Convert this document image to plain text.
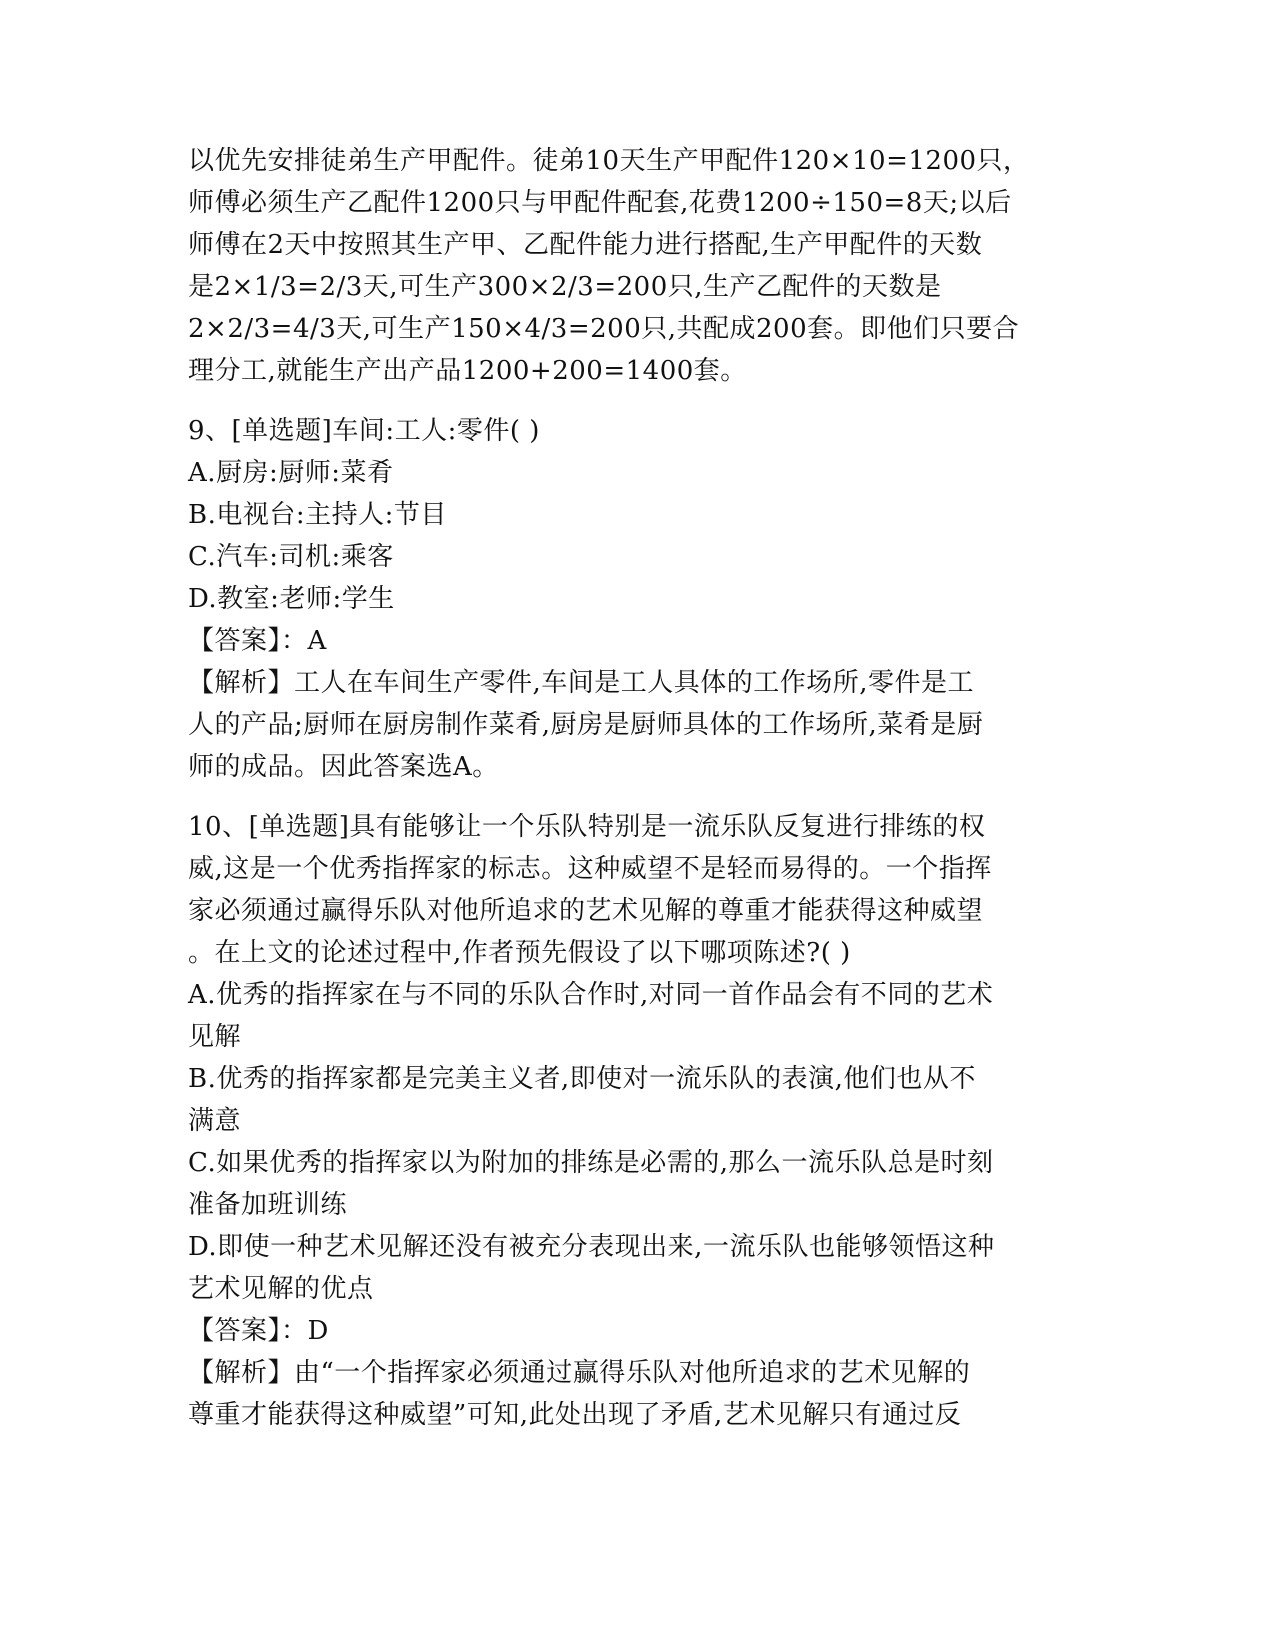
以优先安排徒弟生产甲配件。徒弟10天生产甲配件120×10=1200只，
师傅必须生产乙配件1200只与甲配件配套,花费1200÷150=8天;以后
师傅在2天中按照其生产甲、乙配件能力进行搭配,生产甲配件的天数
是2×1/3=2/3天,可生产300×2/3=200只,生产乙配件的天数是
2×2/3=4/3天,可生产150×4/3=200只,共配成200套。即他们只要合
理分工,就能生产出产品1200+200=1400套。
9、[单选题]车间:工人:零件( )
A.厨房:厨师:菜肴
B.电视台:主持人:节目
C.汽车:司机:乘客
D.教室:老师:学生
【答案】：A
【解析】工人在车间生产零件,车间是工人具体的工作场所,零件是工
人的产品;厨师在厨房制作菜肴,厨房是厨师具体的工作场所,菜肴是厨
师的成品。因此答案选A。
10、[单选题]具有能够让一个乐队特别是一流乐队反复进行排练的权
威,这是一个优秀指挥家的标志。这种威望不是轻而易得的。一个指挥
家必须通过赢得乐队对他所追求的艺术见解的尊重才能获得这种威望
。在上文的论述过程中,作者预先假设了以下哪项陈述?( )
A.优秀的指挥家在与不同的乐队合作时,对同一首作品会有不同的艺术
见解
B.优秀的指挥家都是完美主义者,即使对一流乐队的表演,他们也从不
满意
C.如果优秀的指挥家以为附加的排练是必需的,那么一流乐队总是时刻
准备加班训练
D.即使一种艺术见解还没有被充分表现出来,一流乐队也能够领悟这种
艺术见解的优点
【答案】：D
【解析】由“一个指挥家必须通过赢得乐队对他所追求的艺术见解的
尊重才能获得这种威望”可知,此处出现了矛盾,艺术见解只有通过反
